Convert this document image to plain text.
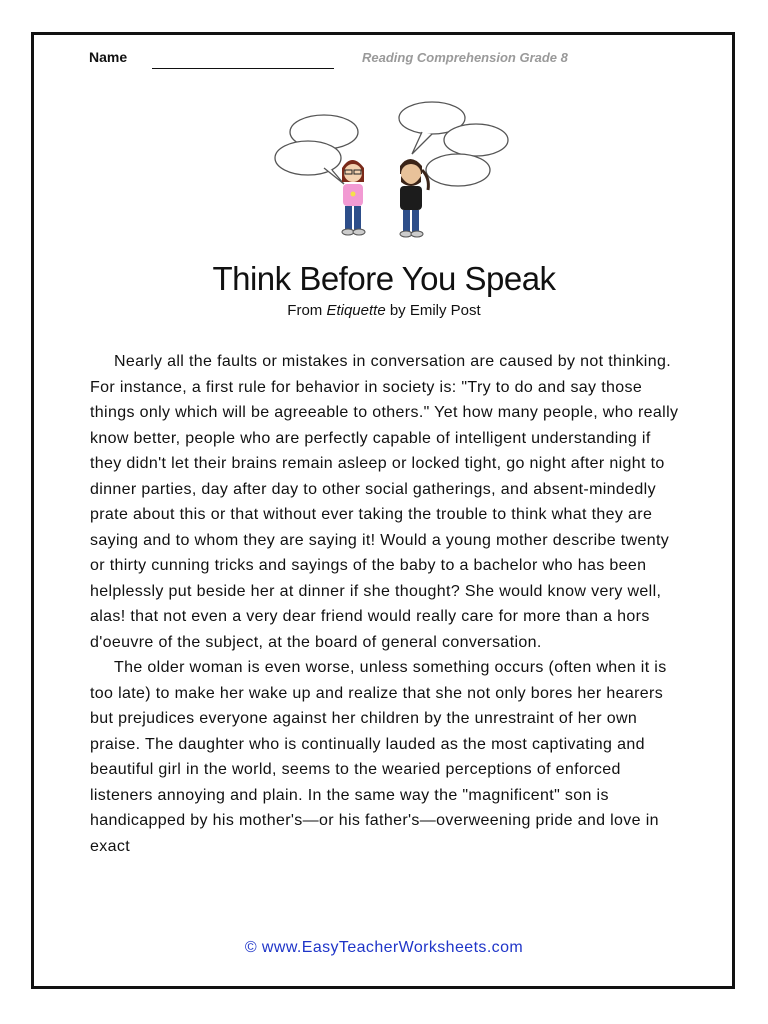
Name	Reading Comprehension Grade 8
Think Before You Speak
From Etiquette by Emily Post

Nearly all the faults or mistakes in conversation are caused by not thinking. For instance, a first rule for behavior in society is: "Try to do and say those things only which will be agreeable to others." Yet how many people, who really know better, people who are perfectly capable of intelligent understanding if they didn't let their brains remain asleep or locked tight, go night after night to dinner parties, day after day to other social gatherings, and absent-mindedly prate about this or that without ever taking the trouble to think what they are saying and to whom they are saying it! Would a young mother describe twenty or thirty cunning tricks and sayings of the baby to a bachelor who has been helplessly put beside her at dinner if she thought? She would know very well, alas! that not even a very dear friend would really care for more than a hors d'oeuvre of the subject, at the board of general conversation.

The older woman is even worse, unless something occurs (often when it is too late) to make her wake up and realize that she not only bores her hearers but prejudices everyone against her children by the unrestraint of her own praise. The daughter who is continually lauded as the most captivating and beautiful girl in the world, seems to the wearied perceptions of enforced listeners annoying and plain. In the same way the "magnificent" son is handicapped by his mother's—or his father's—overweening pride and love in exact

© www.EasyTeacherWorksheets.com
